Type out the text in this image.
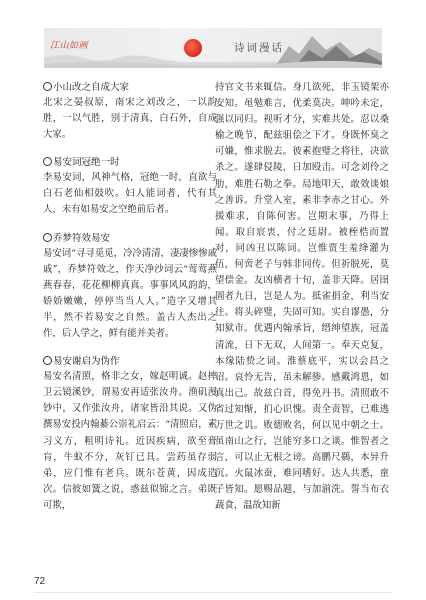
江山如画	诗词漫话

小山改之自成大家

北宋之晏叔原，南宋之刘改之，一以韵胜，一以气胜，别于清真，白石外，自成大家。

易安词冠绝一时

李易安词，风神气格，冠绝一时，直欲与白石老仙相鼓吹。妇人能词者，代有其人，未有如易安之空绝前后者。

乔梦符效易安

易安词“寻寻觅觅，冷冷清清，凄凄惨惨戚戚”，乔梦符效之，作天净沙词云“莺莺燕燕春春，花花柳柳真真。事事风风韵韵，娇娇嫩嫩，停停当当人人。”造字又增其半，然不若易安之自然。盖古人杰出之作，后人学之，鲜有能并美者。

易安谢启为伪作

易安名清照，格非之女，嫁赵明诚。赵摔卫云镜溪钞，谓易安再适张汝舟。渔矶漫钞中，又作张汝舟，诸家皆沿其说。又伪撰易安投内翰綦公崇礼启云：“清照启，素习义方，粗明诗礼。近因疾病，欲至膏肓，牛蚁不分，灰钉已具。尝药虽存弱弟，应门惟有老兵。既尔苍黄，因成造次。信彼如簧之说，惑兹似锦之言。弟既可欺，

持官文书来辄信。身几欲死，非玉镜架亦安知。黾勉难言，优柔莫决。呻吟未定，强以同归。视听才分，实难共处。忍以桑榆之晚节，配兹驵侩之下才。身既怀臭之可嫌，惟求脱去。彼素抱璧之将往，决欲杀之。遂肆侵陵，日加殴击。可念刘伶之肋，难胜石勒之拳。局地叩天，敢效谈娘之善诉。升堂入室，素非李赤之甘心。外援难求，自陈何害。岂期末事，乃得上闻。取自宸衷，付之廷尉。被桎梏而置对，同凶丑以陈词。岂惟贾生羞绛灌为伍，何啻老子与韩非同传。但祈脱死，莫望偿金。友凶横者十旬，盖非天降。居囹圄者九日，岂是人为。抵雀捐金，利当安往。将头碎璧，失固可知。实自谬愚，分知狱市。优遇内翰承旨，缙绅望族，冠盖清流，日下无双，人间第一。奉天克复，本缘陆贽之词。淮蔡底平，实以会昌之诏。哀怜无告，虽未解骖。感戴鸿恩，如真出己。故兹白首，得免丹书。清照敢不省过知惭，扪心识愧。责全责智，已难逃万世之讥。败德败名，何以见中朝之士。虽南山之行，岂能穷多口之谈。惟智者之言，可以止无根之谤。高鹏尺鷃，本异升沉。火鼠冰蚕，难同嗜好。达人共悉，童子皆知。愿赐品题，与加湔洗。誓当布衣蔬食，温故知新

72
